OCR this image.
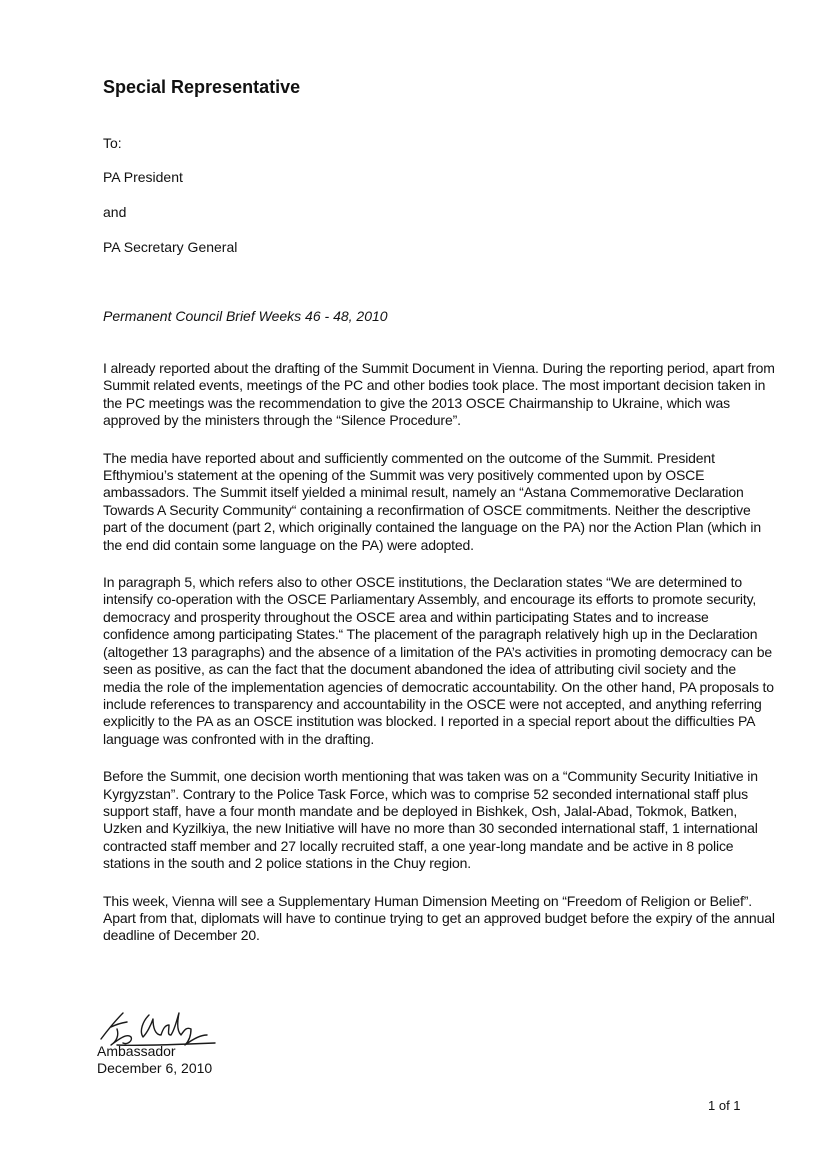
Special Representative

To:

PA President

and

PA Secretary General

Permanent Council Brief Weeks 46 - 48, 2010

I already reported about the drafting of the Summit Document in Vienna. During the reporting period, apart from Summit related events, meetings of the PC and other bodies took place. The most important decision taken in the PC meetings was the recommendation to give the 2013 OSCE Chairmanship to Ukraine, which was approved by the ministers through the “Silence Procedure”.

The media have reported about and sufficiently commented on the outcome of the Summit. President Efthymiou’s statement at the opening of the Summit was very positively commented upon by OSCE ambassadors. The Summit itself yielded a minimal result, namely an “Astana Commemorative Declaration Towards A Security Community“ containing a reconfirmation of OSCE commitments. Neither the descriptive part of the document (part 2, which originally contained the language on the PA) nor the Action Plan (which in the end did contain some language on the PA) were adopted.

In paragraph 5, which refers also to other OSCE institutions, the Declaration states “We are determined to intensify co-operation with the OSCE Parliamentary Assembly, and encourage its efforts to promote security, democracy and prosperity throughout the OSCE area and within participating States and to increase confidence among participating States.“ The placement of the paragraph relatively high up in the Declaration (altogether 13 paragraphs) and the absence of a limitation of the PA’s activities in promoting democracy can be seen as positive, as can the fact that the document abandoned the idea of attributing civil society and the media the role of the implementation agencies of democratic accountability. On the other hand, PA proposals to include references to transparency and accountability in the OSCE were not accepted, and anything referring explicitly to the PA as an OSCE institution was blocked. I reported in a special report about the difficulties PA language was confronted with in the drafting.

Before the Summit, one decision worth mentioning that was taken was on a “Community Security Initiative in Kyrgyzstan”. Contrary to the Police Task Force, which was to comprise 52 seconded international staff plus support staff, have a four month mandate and be deployed in Bishkek, Osh, Jalal-Abad, Tokmok, Batken, Uzken and Kyzilkiya, the new Initiative will have no more than 30 seconded international staff, 1 international contracted staff member and 27 locally recruited staff, a one year-long mandate and be active in 8 police stations in the south and 2 police stations in the Chuy region.

This week, Vienna will see a Supplementary Human Dimension Meeting on “Freedom of Religion or Belief”. Apart from that, diplomats will have to continue trying to get an approved budget before the expiry of the annual deadline of December 20.

Ambassador

December 6, 2010

1 of 1
